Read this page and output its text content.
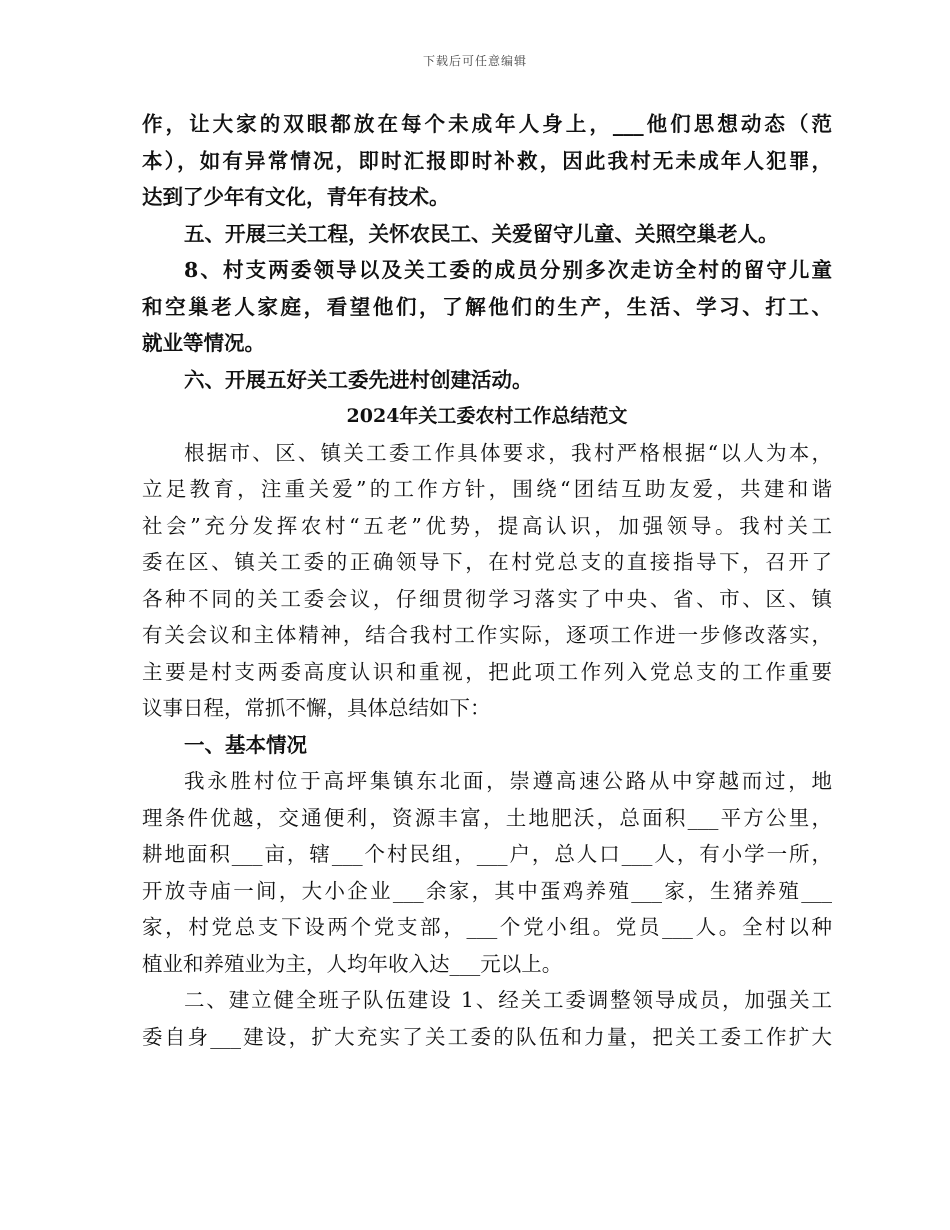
下载后可任意编辑
作，让大家的双眼都放在每个未成年人身上，___他们思想动态（范
本），如有异常情况，即时汇报即时补救，因此我村无未成年人犯罪，
达到了少年有文化，青年有技术。
五、开展三关工程，关怀农民工、关爱留守儿童、关照空巢老人。
8、村支两委领导以及关工委的成员分别多次走访全村的留守儿童
和空巢老人家庭，看望他们，了解他们的生产，生活、学习、打工、
就业等情况。
六、开展五好关工委先进村创建活动。
2024年关工委农村工作总结范文
根据市、区、镇关工委工作具体要求，我村严格根据“以人为本，
立足教育，注重关爱”的工作方针，围绕“团结互助友爱，共建和谐
社会”充分发挥农村“五老”优势，提高认识，加强领导。我村关工
委在区、镇关工委的正确领导下，在村党总支的直接指导下，召开了
各种不同的关工委会议，仔细贯彻学习落实了中央、省、市、区、镇
有关会议和主体精神，结合我村工作实际，逐项工作进一步修改落实，
主要是村支两委高度认识和重视，把此项工作列入党总支的工作重要
议事日程，常抓不懈，具体总结如下：
一、基本情况
我永胜村位于高坪集镇东北面，崇遵高速公路从中穿越而过，地
理条件优越，交通便利，资源丰富，土地肥沃，总面积___平方公里，
耕地面积___亩，辖___个村民组，___户，总人口___人，有小学一所，
开放寺庙一间，大小企业___余家，其中蛋鸡养殖___家，生猪养殖___
家，村党总支下设两个党支部，___个党小组。党员___人。全村以种
植业和养殖业为主，人均年收入达___元以上。
二、建立健全班子队伍建设 1、经关工委调整领导成员，加强关工
委自身___建设，扩大充实了关工委的队伍和力量，把关工委工作扩大
